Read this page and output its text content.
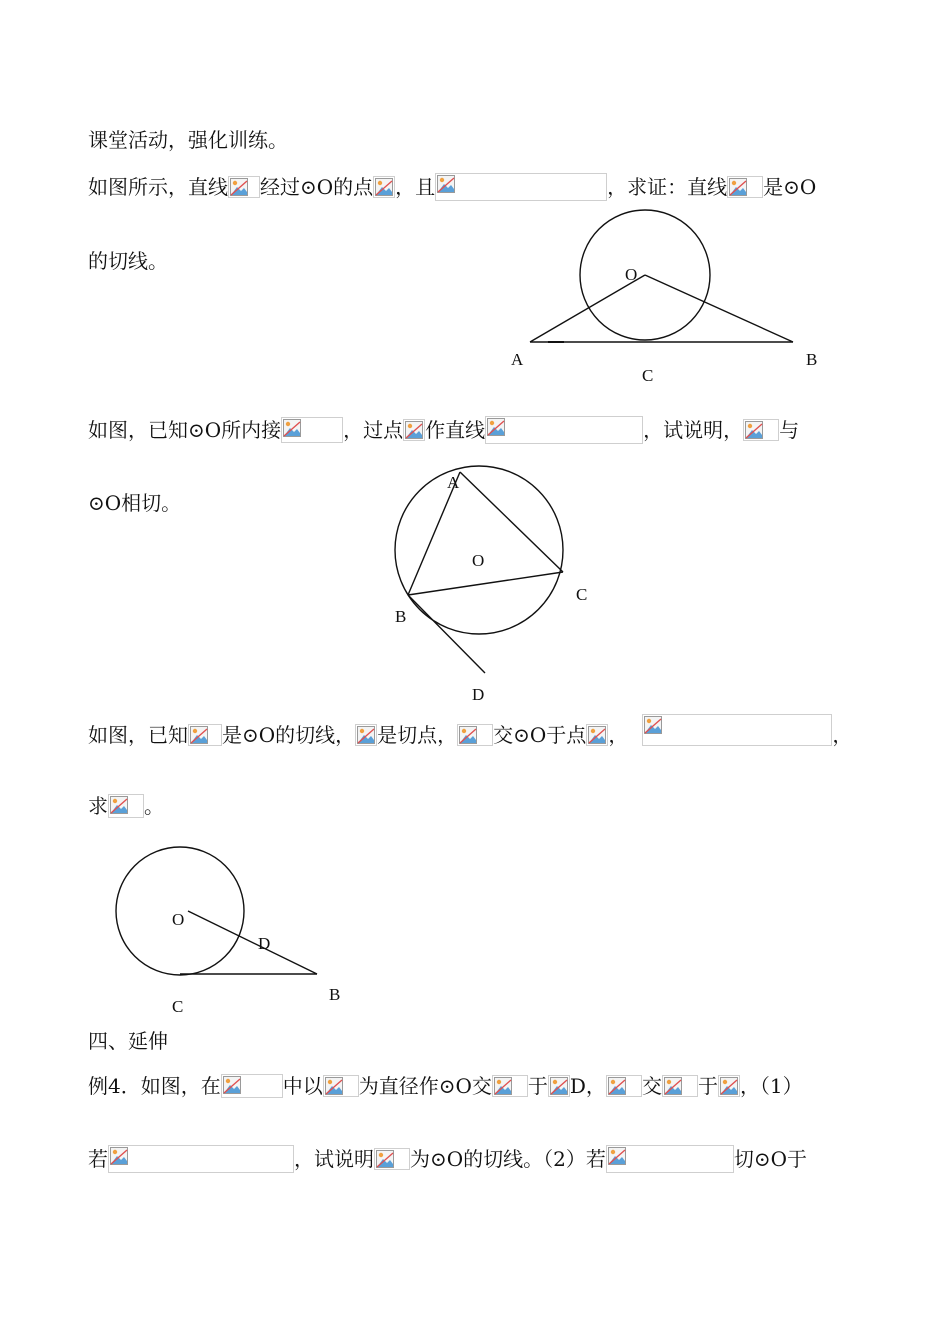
课堂活动，强化训练。
如图所示，直线 经过⊙O的点 ，且	，求证：直线 是⊙O
的切线。
O
A	B
C
如图，已知⊙O所内接	，过点 作直线	，试说明， 与
⊙O相切。
A
O
B
C
D
如图，已知 是⊙O的切线， 是切点， 交⊙O于点 ，	，
求 。
O
D
C
B
四、延伸
例4．如图，在	中以 为直径作⊙O交 于 D， 交 于 ，（1）
若	，试说明 为⊙O的切线。（2）若	切⊙O于
